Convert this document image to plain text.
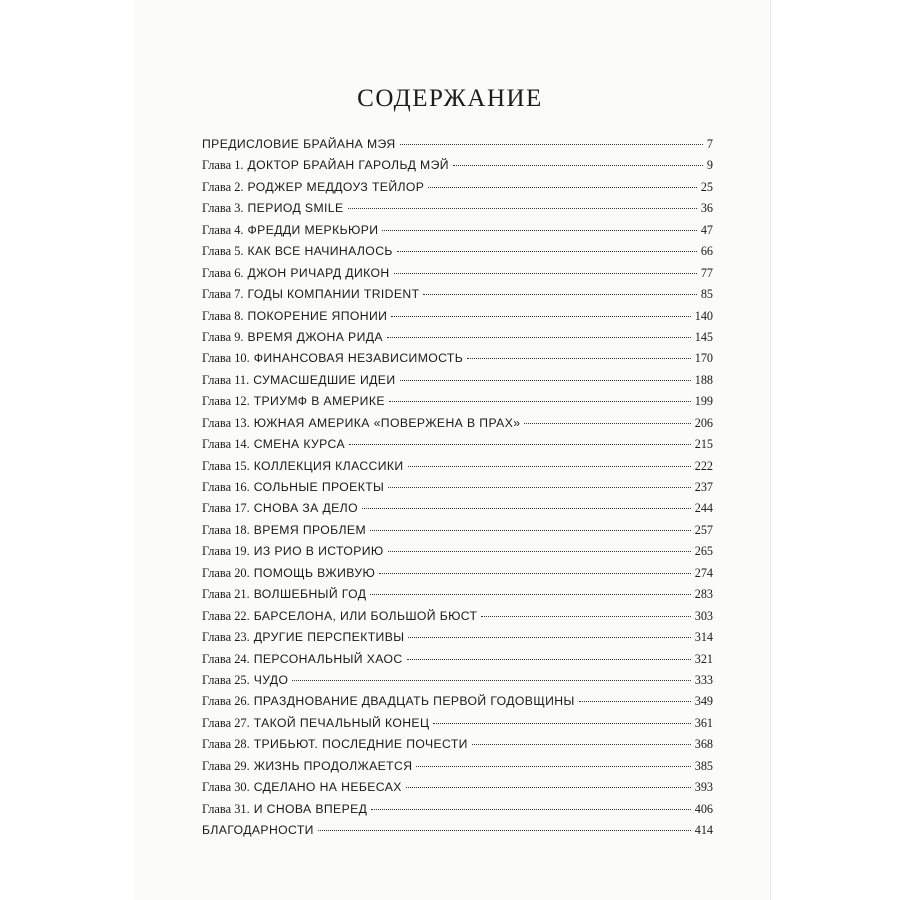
СОДЕРЖАНИЕ
ПРЕДИСЛОВИЕ БРАЙАНА МЭЯ	7
Глава 1. ДОКТОР БРАЙАН ГАРОЛЬД МЭЙ	9
Глава 2. РОДЖЕР МЕДДОУЗ ТЕЙЛОР	25
Глава 3. ПЕРИОД SMILE	36
Глава 4. ФРЕДДИ МЕРКЬЮРИ	47
Глава 5. КАК ВСЕ НАЧИНАЛОСЬ	66
Глава 6. ДЖОН РИЧАРД ДИКОН	77
Глава 7. ГОДЫ КОМПАНИИ TRIDENT	85
Глава 8. ПОКОРЕНИЕ ЯПОНИИ	140
Глава 9. ВРЕМЯ ДЖОНА РИДА	145
Глава 10. ФИНАНСОВАЯ НЕЗАВИСИМОСТЬ	170
Глава 11. СУМАСШЕДШИЕ ИДЕИ	188
Глава 12. ТРИУМФ В АМЕРИКЕ	199
Глава 13. ЮЖНАЯ АМЕРИКА «ПОВЕРЖЕНА В ПРАХ»	206
Глава 14. СМЕНА КУРСА	215
Глава 15. КОЛЛЕКЦИЯ КЛАССИКИ	222
Глава 16. СОЛЬНЫЕ ПРОЕКТЫ	237
Глава 17. СНОВА ЗА ДЕЛО	244
Глава 18. ВРЕМЯ ПРОБЛЕМ	257
Глава 19. ИЗ РИО В ИСТОРИЮ	265
Глава 20. ПОМОЩЬ ВЖИВУЮ	274
Глава 21. ВОЛШЕБНЫЙ ГОД	283
Глава 22. БАРСЕЛОНА, ИЛИ БОЛЬШОЙ БЮСТ	303
Глава 23. ДРУГИЕ ПЕРСПЕКТИВЫ	314
Глава 24. ПЕРСОНАЛЬНЫЙ ХАОС	321
Глава 25. ЧУДО	333
Глава 26. ПРАЗДНОВАНИЕ ДВАДЦАТЬ ПЕРВОЙ ГОДОВЩИНЫ	349
Глава 27. ТАКОЙ ПЕЧАЛЬНЫЙ КОНЕЦ	361
Глава 28. ТРИБЬЮТ. ПОСЛЕДНИЕ ПОЧЕСТИ	368
Глава 29. ЖИЗНЬ ПРОДОЛЖАЕТСЯ	385
Глава 30. СДЕЛАНО НА НЕБЕСАХ	393
Глава 31. И СНОВА ВПЕРЕД	406
БЛАГОДАРНОСТИ	414
